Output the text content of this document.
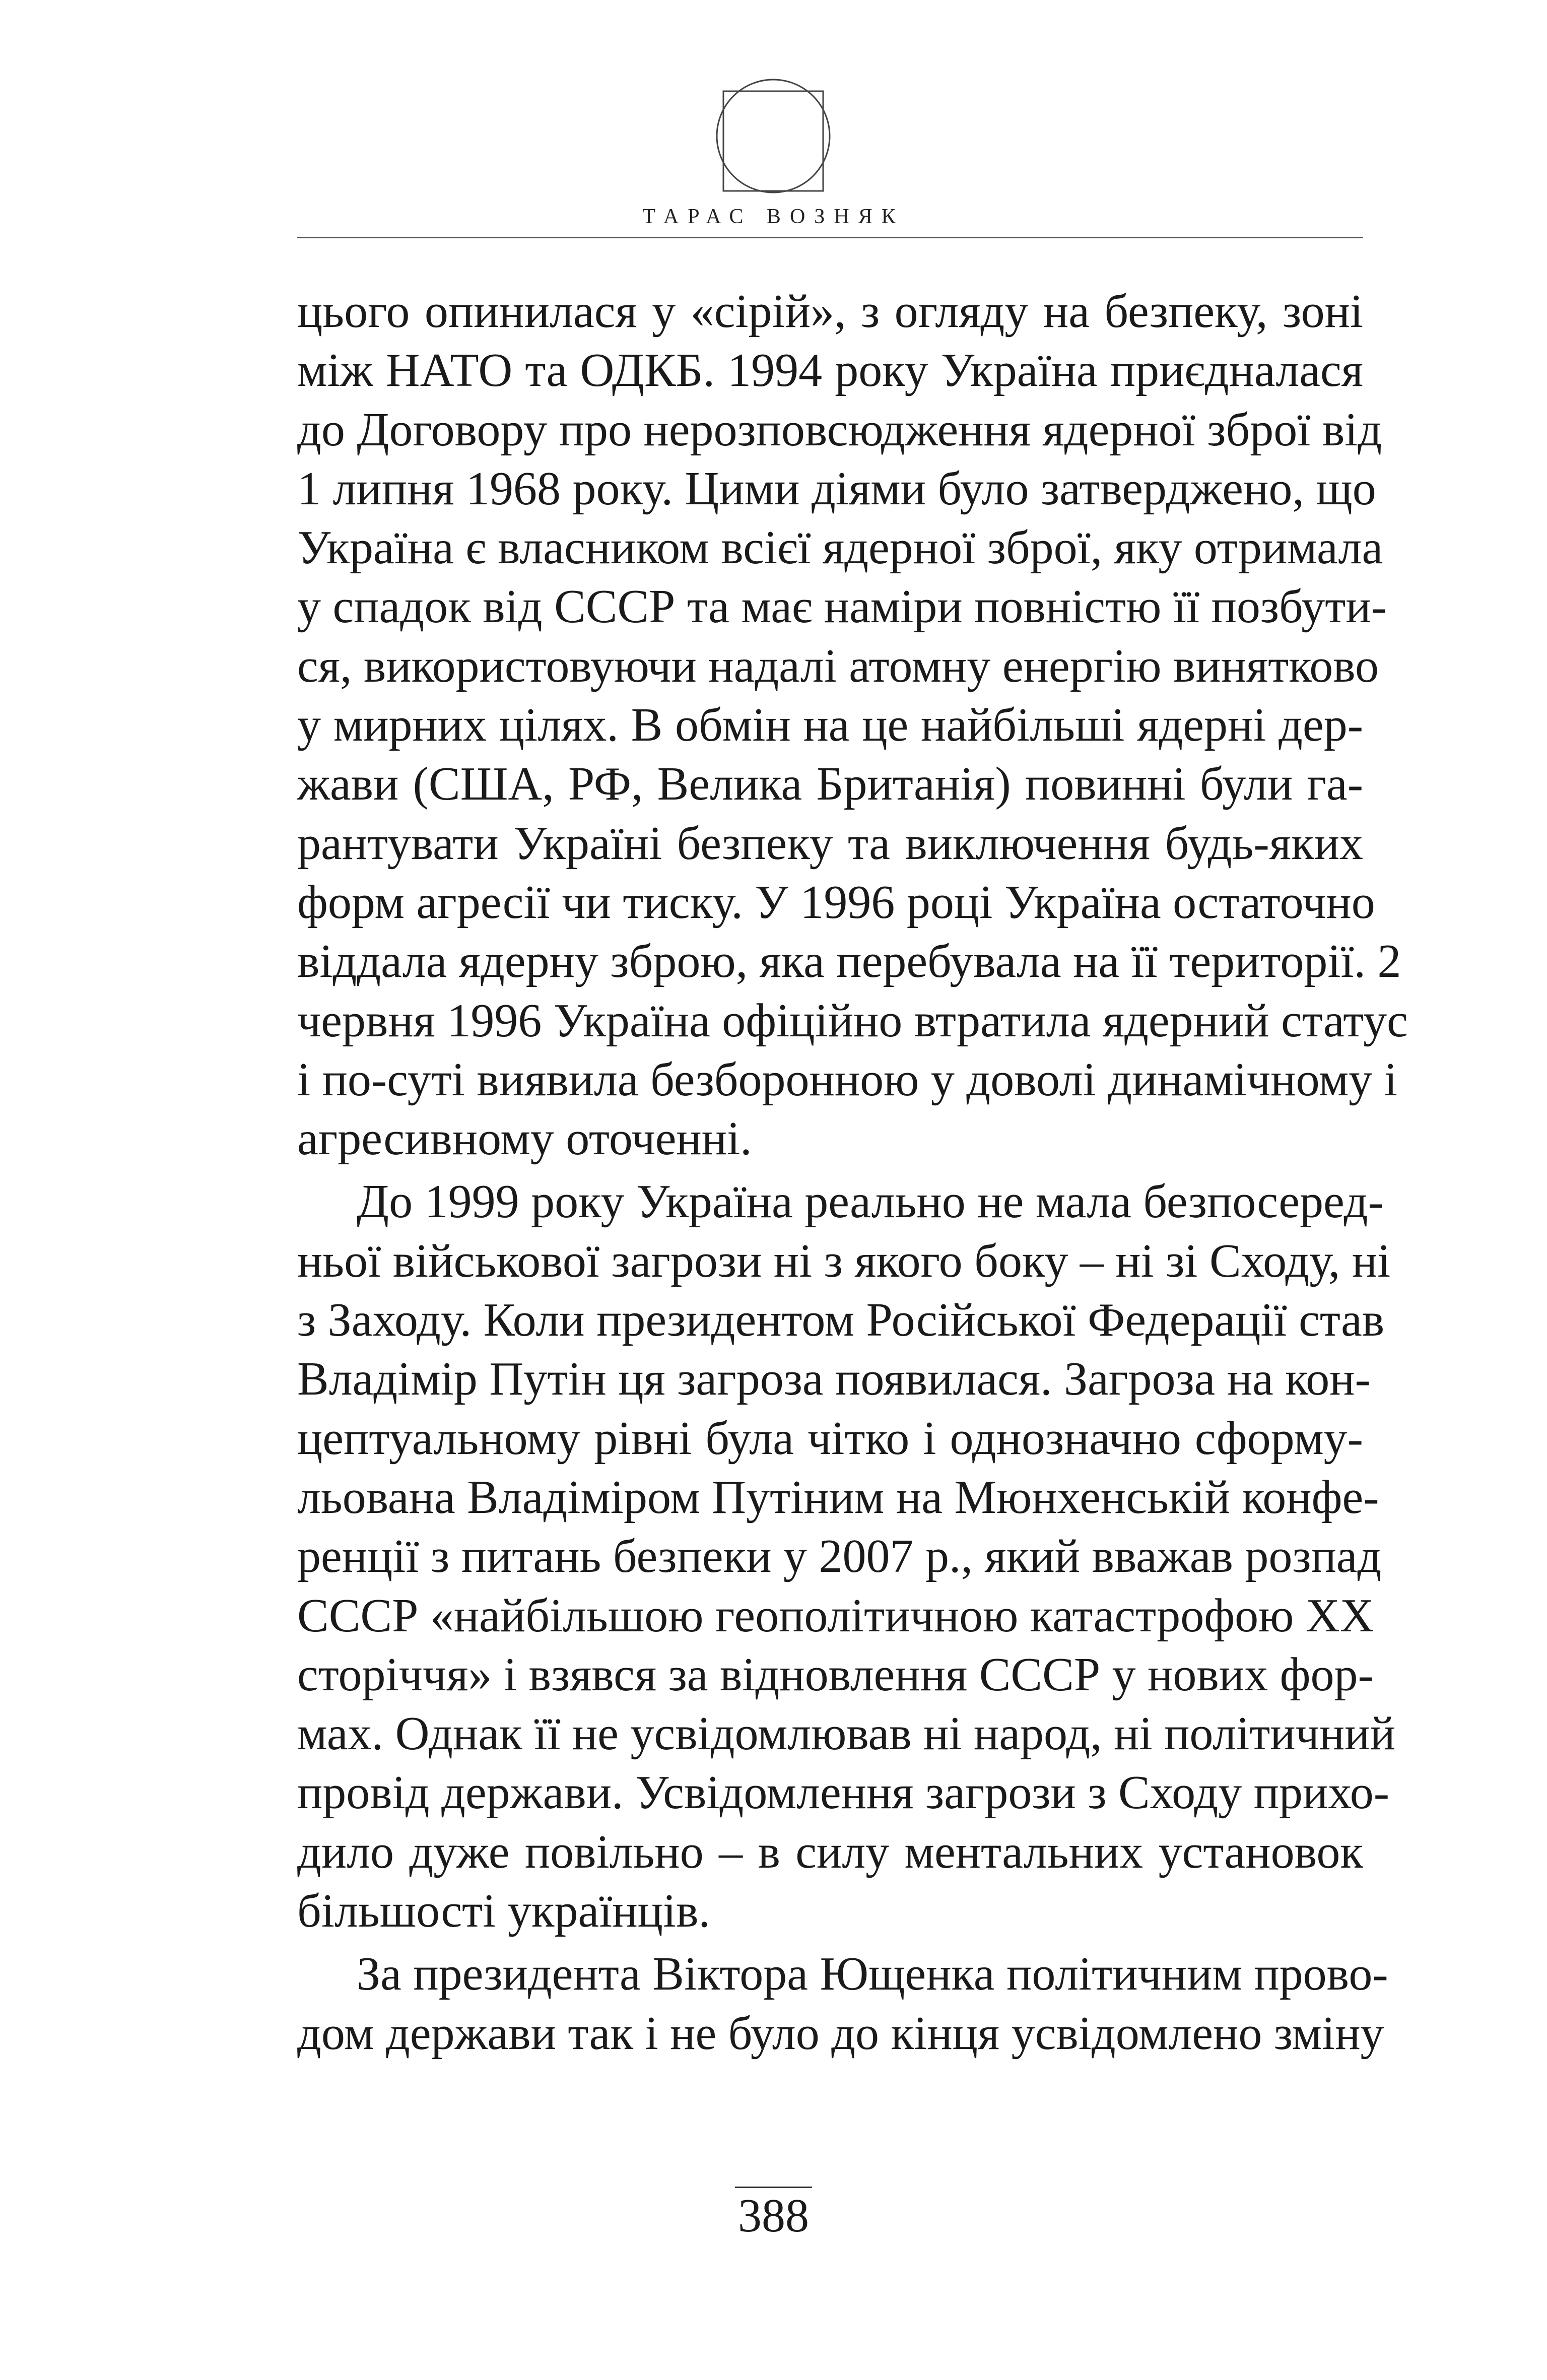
ТАРАС ВОЗНЯК

цього опинилася у «сірій», з огляду на безпеку, зоні
між НАТО та ОДКБ. 1994 року Україна приєдналася
до Договору про нерозповсюдження ядерної зброї від
1 липня 1968 року. Цими діями було затверджено, що
Україна є власником всієї ядерної зброї, яку отримала
у спадок від СССР та має наміри повністю її позбути-
ся, використовуючи надалі атомну енергію винятково
у мирних цілях. В обмін на це найбільші ядерні дер-
жави (США, РФ, Велика Британія) повинні були га-
рантувати Україні безпеку та виключення будь-яких
форм агресії чи тиску. У 1996 році Україна остаточно
віддала ядерну зброю, яка перебувала на її території. 2
червня 1996 Україна офіційно втратила ядерний статус
і по-суті виявила безборонною у доволі динамічному і
агресивному оточенні.

До 1999 року Україна реально не мала безпосеред-
ньої військової загрози ні з якого боку – ні зі Сходу, ні
з Заходу. Коли президентом Російської Федерації став
Владімір Путін ця загроза появилася. Загроза на кон-
цептуальному рівні була чітко і однозначно сформу-
льована Владіміром Путіним на Мюнхенській конфе-
ренції з питань безпеки у 2007 р., який вважав розпад
СССР «найбільшою геополітичною катастрофою ХХ
сторіччя» і взявся за відновлення СССР у нових фор-
мах. Однак її не усвідомлював ні народ, ні політичний
провід держави. Усвідомлення загрози з Сходу прихо-
дило дуже повільно – в силу ментальних установок
більшості українців.

За президента Віктора Ющенка політичним прово-
дом держави так і не було до кінця усвідомлено зміну

388
